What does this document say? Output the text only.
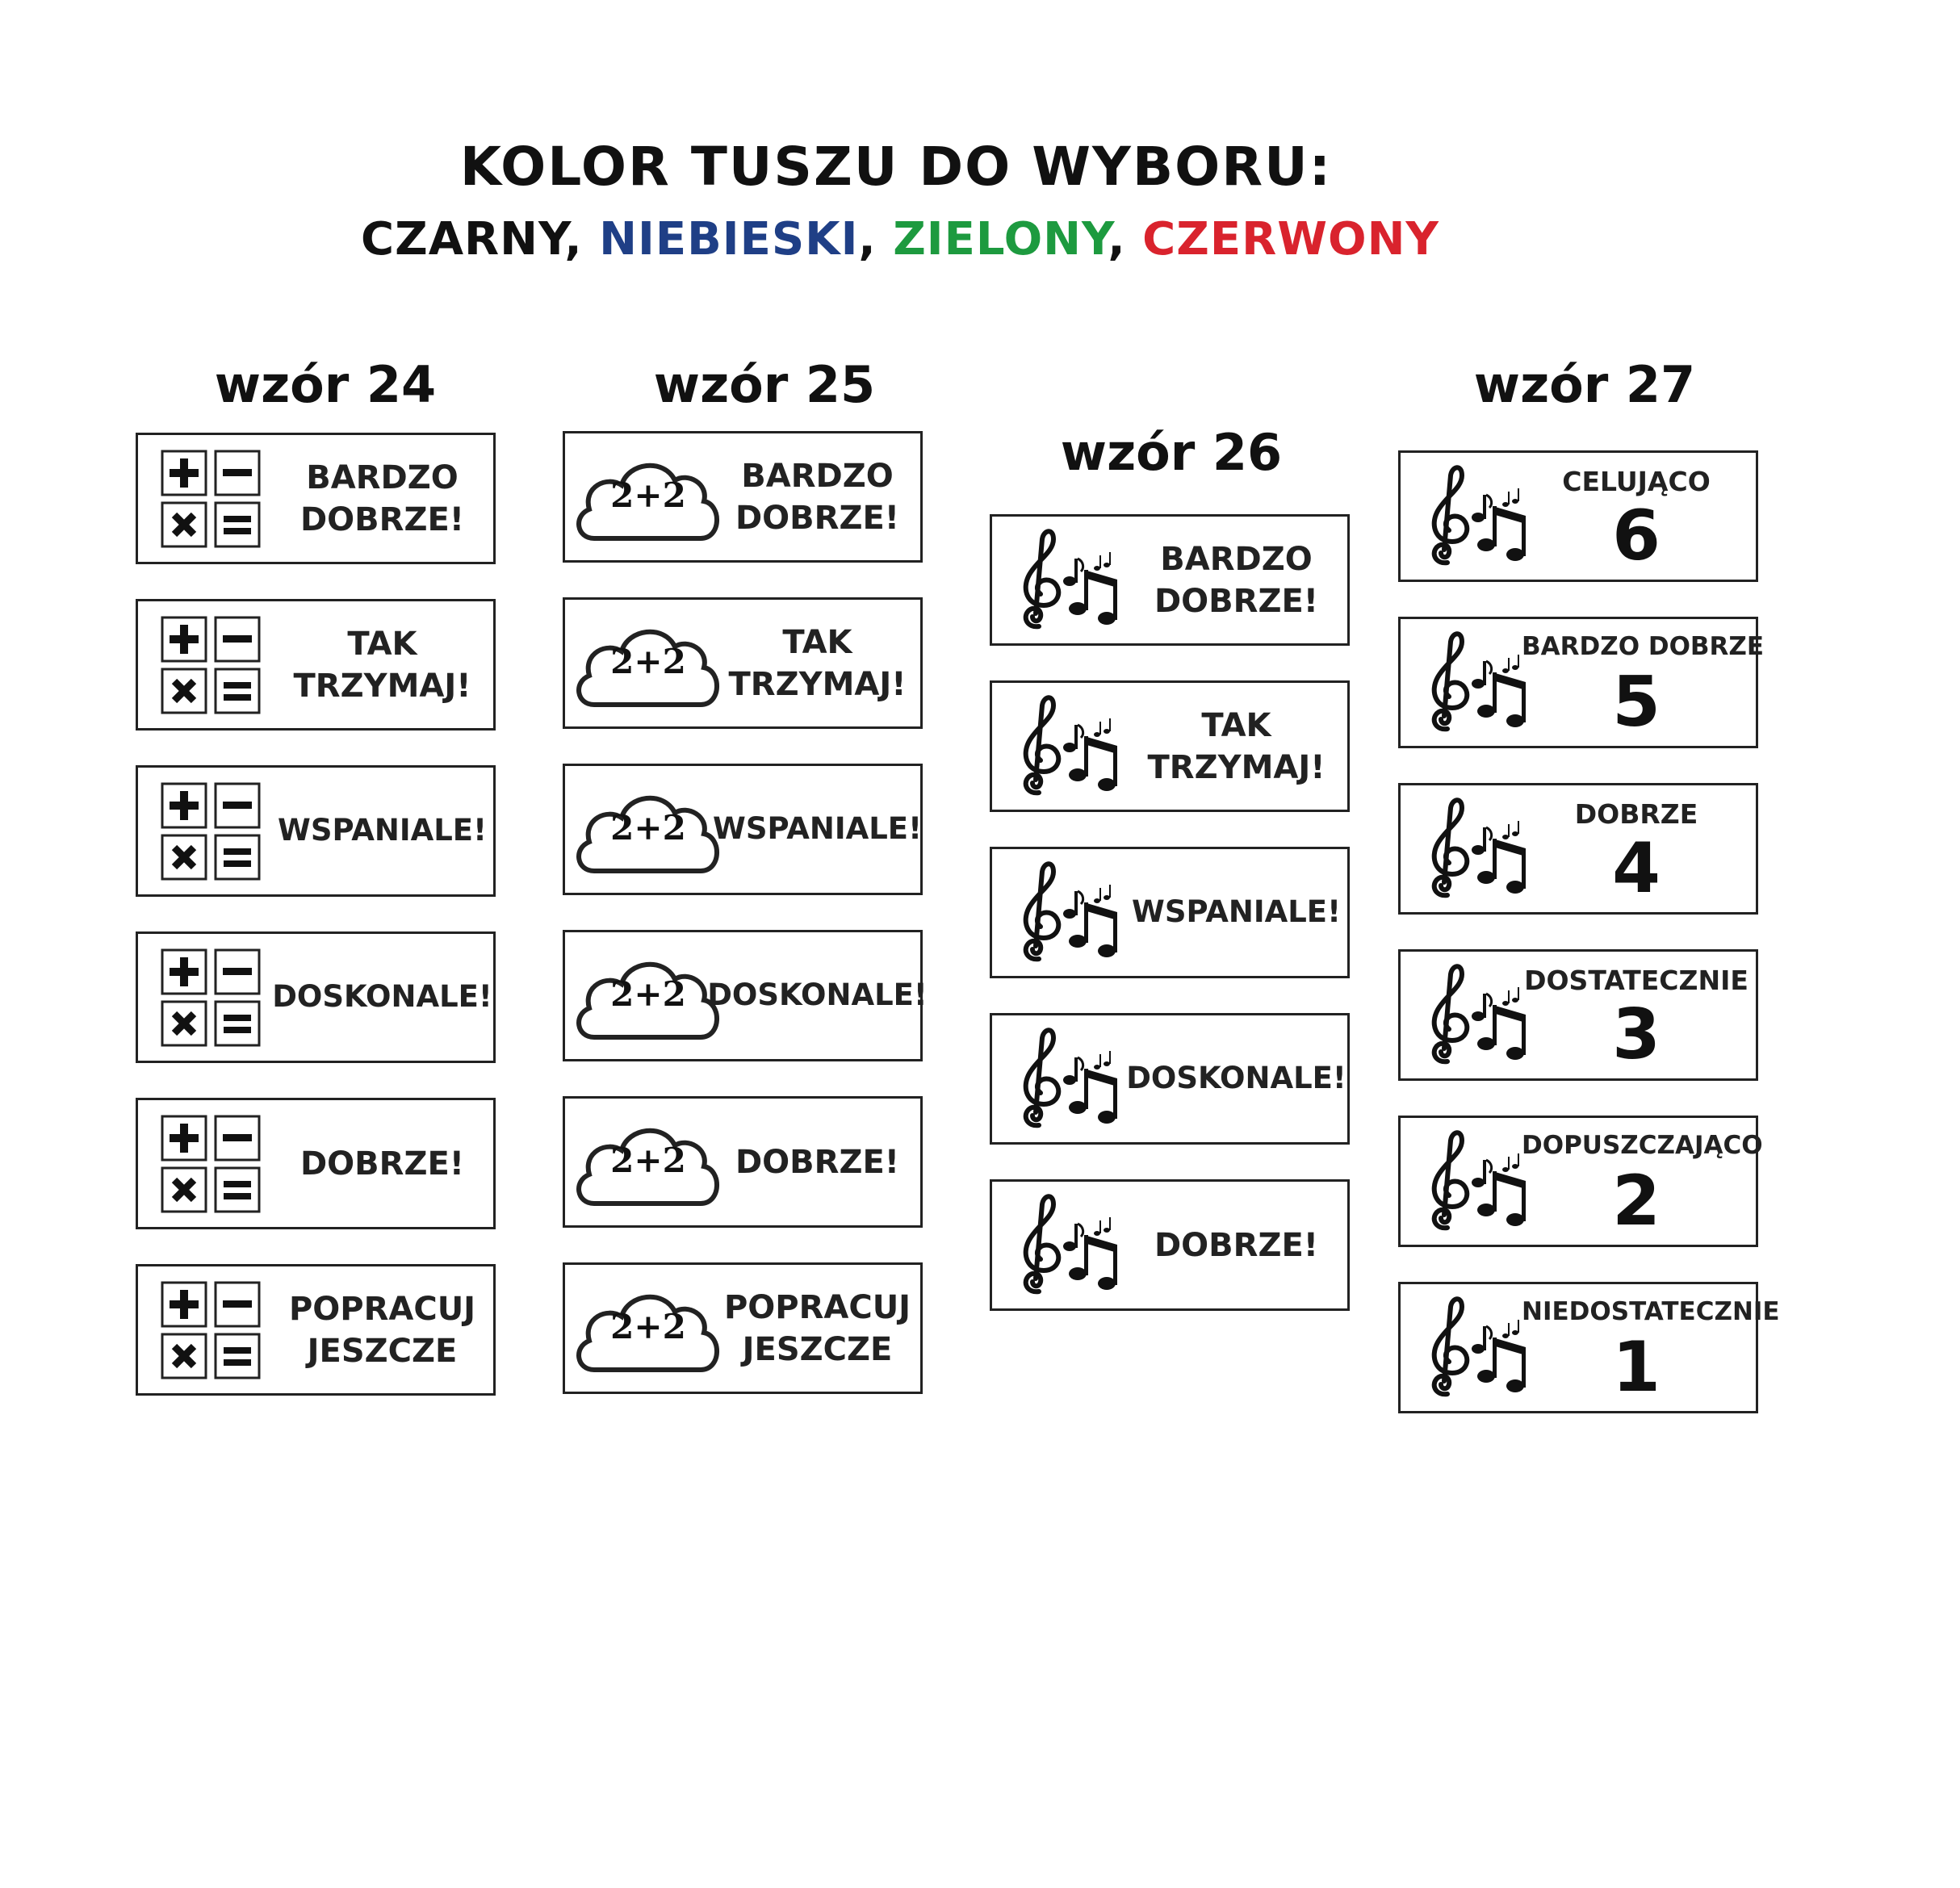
KOLOR TUSZU DO WYBORU:
CZARNY, NIEBIESKI, ZIELONY, CZERWONY
wzór 24	wzór 25
wzór 26
wzór 27
BARDZO
DOBRZE!
TAK
TRZYMAJ!
WSPANIALE!
DOSKONALE!
DOBRZE!
POPRACUJ
JESZCZE
2+2	BARDZO
DOBRZE!
2+2	TAK
TRZYMAJ!
2+2 WSPANIALE!
2+2 DOSKONALE!
2+2	DOBRZE!
2+2	POPRACUJ
JESZCZE
BARDZO
DOBRZE!
TAK
TRZYMAJ!
WSPANIALE!
DOSKONALE!
DOBRZE!
CELUJĄCO
6
BARDZO DOBRZE
5
DOBRZE
4
DOSTATECZNIE
3
DOPUSZCZAJĄCO
2
NIEDOSTATECZNIE
1
